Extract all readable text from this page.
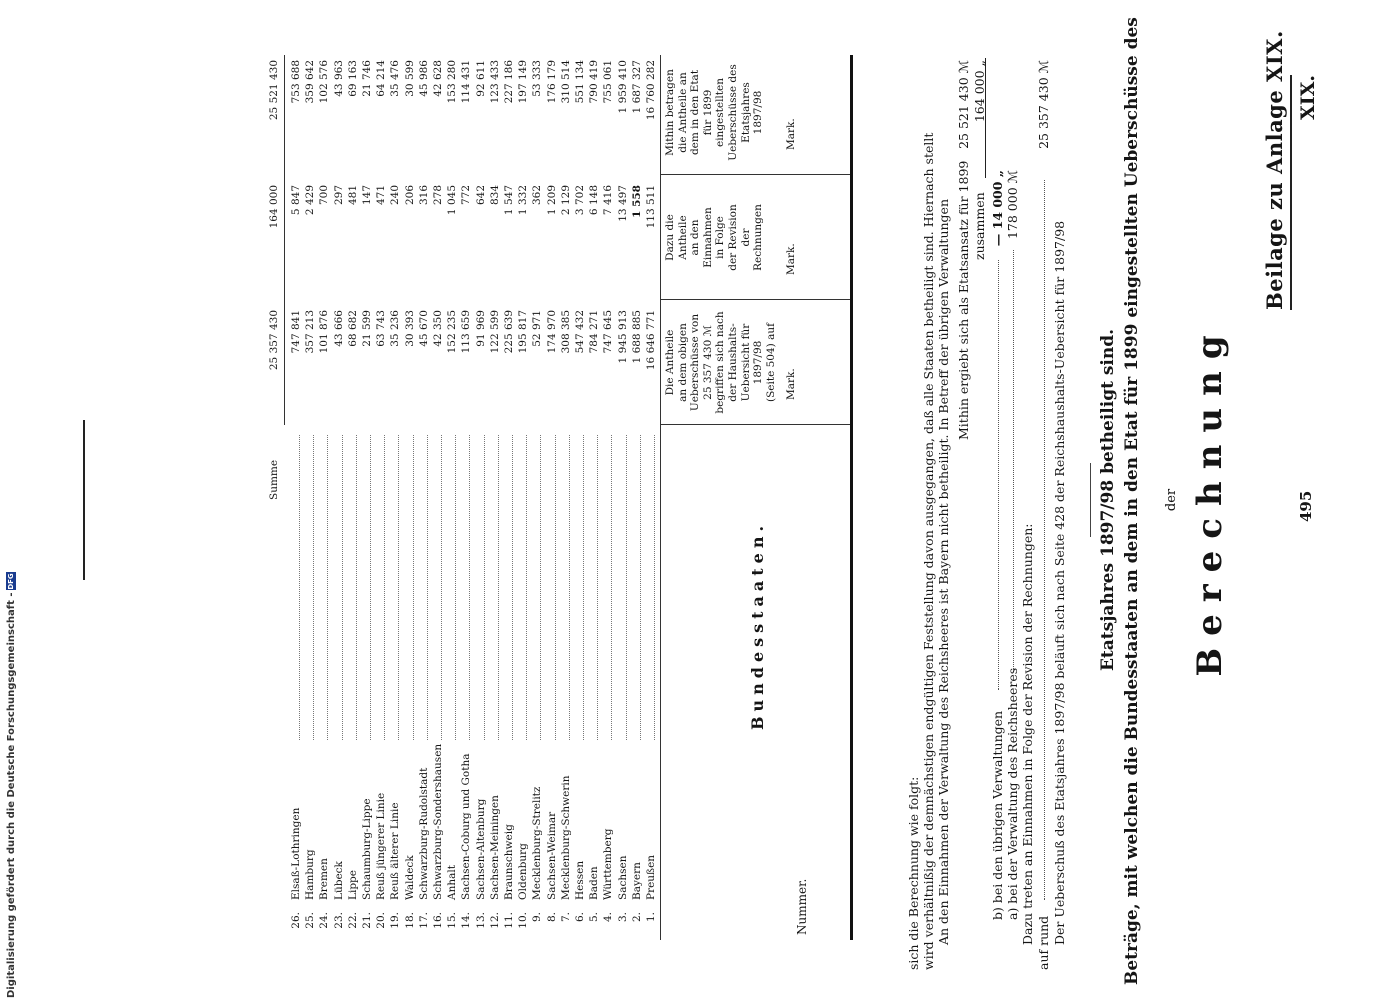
Beilage zu Anlage XIX. XIX.
495
Berechnung
der
Beträge, mit welchen die Bundesstaaten an dem in den Etat für 1899 eingestellten Ueberschüsse des
Etatsjahres 1897/98 betheiligt sind.
Der Ueberschuß des Etatsjahres 1897/98 beläuft sich nach Seite 428 der Reichshaushalts-Uebersicht für 1897/98
auf rund
25 357 430 ℳ
Dazu treten an Einnahmen in Folge der Revision der Rechnungen:
a) bei der Verwaltung des Reichsheeres
178 000 ℳ
b) bei den übrigen Verwaltungen
— 14 000 „
zusammen
164 000 „
Mithin ergiebt sich als Etatsansatz für 1899
25 521 430 ℳ
An den Einnahmen der Verwaltung des Reichsheeres ist Bayern nicht betheiligt. In Betreff der übrigen Verwaltungen
wird verhältnißig der demnächstigen endgültigen Feststellung davon ausgegangen, daß alle Staaten betheiligt sind. Hiernach stellt
sich die Berechnung wie folgt:
Nummer.
Bundesstaaten.
Die Antheile an dem obigen Ueberschüsse von 25 357 430 ℳ begriffen sich nach der Haushalts- Uebersicht für 1897/98 (Seite 504) auf
Dazu die Antheile an den Einnahmen in Folge der Revision der Rechnungen
Mithin betragen die Antheile an dem in den Etat für 1899 eingestellten Ueberschüsse des Etatsjahres 1897/98
Mark.
Mark.
Mark.
1.
Preußen
16 646 771
113 511
16 760 282
2.
Bayern
1 688 885
1 558
1 687 327
3.
Sachsen
1 945 913
13 497
1 959 410
4.
Württemberg
747 645
7 416
755 061
5.
Baden
784 271
6 148
790 419
6.
Hessen
547 432
3 702
551 134
7.
Mecklenburg-Schwerin
308 385
2 129
310 514
8.
Sachsen-Weimar
174 970
1 209
176 179
9.
Mecklenburg-Strelitz
52 971
362
53 333
10.
Oldenburg
195 817
1 332
197 149
11.
Braunschweig
225 639
1 547
227 186
12.
Sachsen-Meiningen
122 599
834
123 433
13.
Sachsen-Altenburg
91 969
642
92 611
14.
Sachsen-Coburg und Gotha
113 659
772
114 431
15.
Anhalt
152 235
1 045
153 280
16.
Schwarzburg-Sondershausen
42 350
278
42 628
17.
Schwarzburg-Rudolstadt
45 670
316
45 986
18.
Waldeck
30 393
206
30 599
19.
Reuß älterer Linie
35 236
240
35 476
20.
Reuß jüngerer Linie
63 743
471
64 214
21.
Schaumburg-Lippe
21 599
147
21 746
22.
Lippe
68 682
481
69 163
23.
Lübeck
43 666
297
43 963
24.
Bremen
101 876
700
102 576
25.
Hamburg
357 213
2 429
359 642
26.
Elsaß-Lothringen
747 841
5 847
753 688
Summe
25 357 430
164 000
25 521 430
Digitalisierung gefördert durch die Deutsche Forschungsgemeinschaft -DFG
